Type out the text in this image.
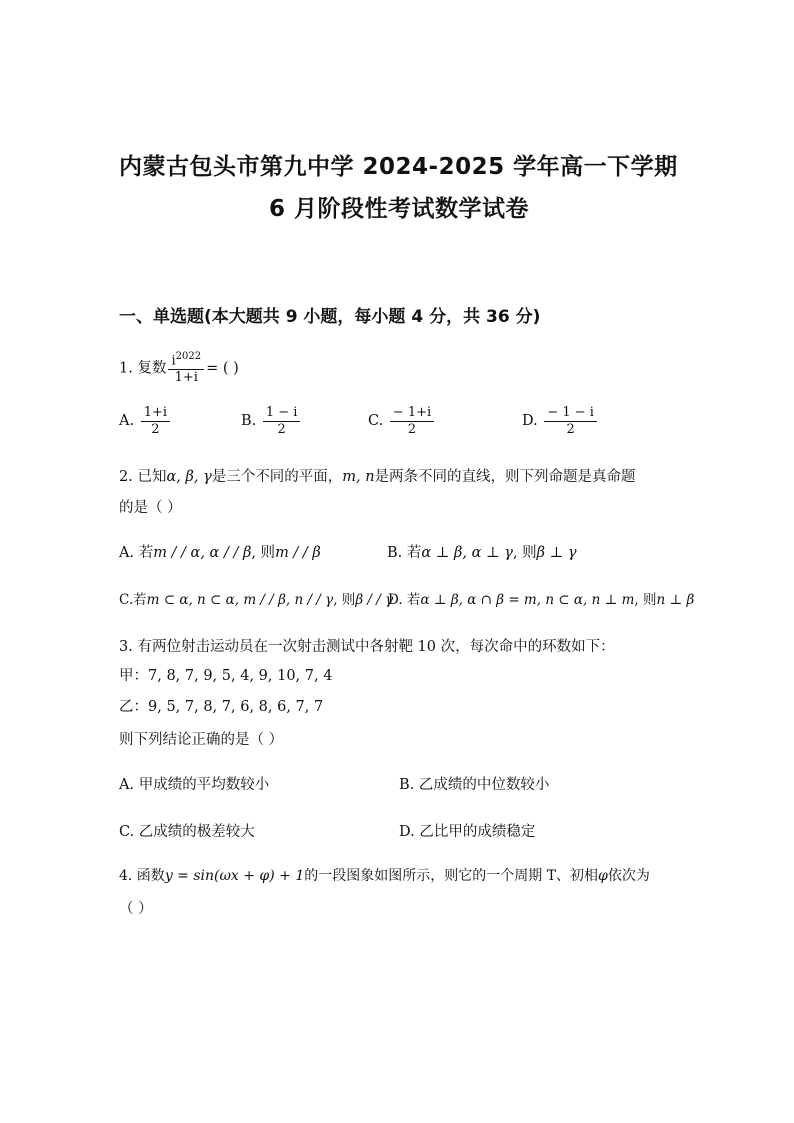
内蒙古包头市第九中学 2024-2025 学年高一下学期
6 月阶段性考试数学试卷
一、单选题(本大题共 9 小题，每小题 4 分，共 36 分)
1. 复数 $\frac{i^{2022}}{1+i}$ = ( )
A. $\frac{1+i}{2}$	B. $\frac{1 - i}{2}$	C. $\frac{- 1+i}{2}$	D. $\frac{- 1 - i}{2}$
2. 已知α, β, γ是三个不同的平面，m, n是两条不同的直线，则下列命题是真命题
的是（ ）
A. 若m / / α, α / / β, 则m / / β	B. 若α ⊥ β, α ⊥ γ, 则β ⊥ γ
C.若m ⊂ α, n ⊂ α, m / / β, n / / γ, 则β / / γ
D. 若α ⊥ β, α ∩ β = m, n ⊂ α, n ⊥ m, 则n ⊥ β
3. 有两位射击运动员在一次射击测试中各射靶 10 次，每次命中的环数如下：
甲：7, 8, 7, 9, 5, 4, 9, 10, 7, 4
乙：9, 5, 7, 8, 7, 6, 8, 6, 7, 7
则下列结论正确的是（ ）
A. 甲成绩的平均数较小	B. 乙成绩的中位数较小
C. 乙成绩的极差较大	D. 乙比甲的成绩稳定
4. 函数y = sin(ωx + φ) + 1的一段图象如图所示，则它的一个周期 T、初相φ依次为
（ ）
